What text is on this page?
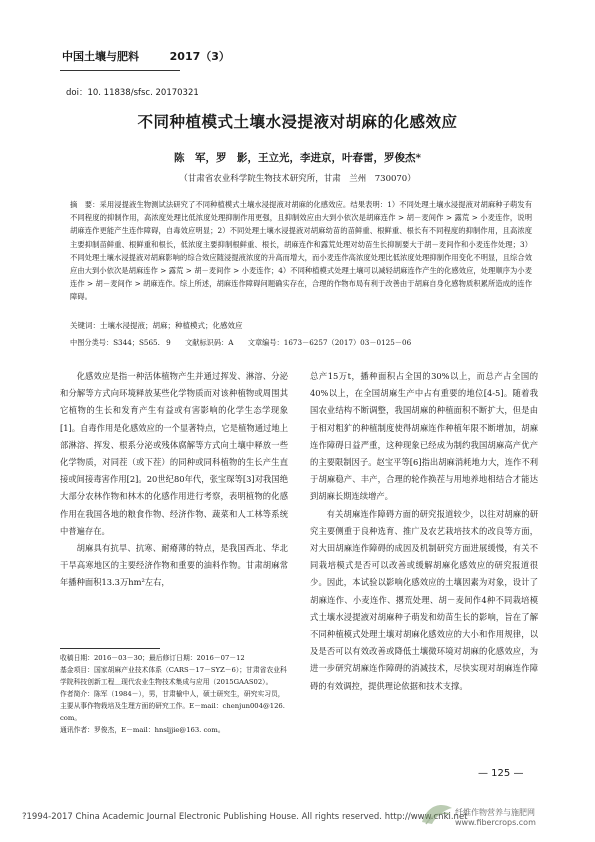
中国土壤与肥料	2017（3）
doi：10. 11838/sfsc. 20170321
不同种植模式土壤水浸提液对胡麻的化感效应
陈　军，罗　影，王立光，李进京，叶春雷，罗俊杰*
（甘肃省农业科学院生物技术研究所，甘肃　兰州　730070）
摘　要：采用浸提液生物测试法研究了不同种植模式土壤水浸提液对胡麻的化感效应。结果表明：1）不同处理土壤水浸提液对胡麻种子萌发有不同程度的抑制作用，高浓度处理比低浓度处理抑制作用更强，且抑制效应由大到小依次是胡麻连作 > 胡－麦间作 > 露荒 > 小麦连作，说明胡麻连作更能产生连作障碍，自毒效应明显；2）不同处理土壤水浸提液对胡麻幼苗的苗鲜重、根鲜重、根长有不同程度的抑制作用，且高浓度主要抑制苗鲜重、根鲜重和根长，低浓度主要抑制根鲜重、根长，胡麻连作和露荒处理对幼苗生长抑制要大于胡－麦间作和小麦连作处理；3）不同处理土壤水浸提液对胡麻影响的综合效应随浸提液浓度的升高而增大，而小麦连作高浓度处理比低浓度处理抑制作用变化不明显，且综合效应由大到小依次是胡麻连作 > 露荒 > 胡－麦间作 > 小麦连作；4）不同种植模式处理土壤可以减轻胡麻连作产生的化感效应，处理顺序为小麦连作 > 胡－麦间作 > 胡麻连作。综上所述，胡麻连作障碍问题确实存在，合理的作物布局有利于改善由于胡麻自身化感物质积累所造成的连作障碍。
关键词：土壤水浸提液；胡麻；种植模式；化感效应
中图分类号：S344；S565. 9　　文献标识码：A　　文章编号：1673－6257（2017）03－0125－06

化感效应是指一种活体植物产生并通过挥发、淋溶、分泌和分解等方式向环境释放某些化学物质而对该种植物或周围其它植物的生长和发育产生有益或有害影响的化学生态学现象[1]。自毒作用是化感效应的一个显著特点，它是植物通过地上部淋溶、挥发、根系分泌或残体腐解等方式向土壤中释放一些化学物质，对同茬（或下茬）的同种或同科植物的生长产生直接或间接毒害作用[2]。20世纪80年代，张宝琛等[3]对我国绝大部分农林作物和林木的化感作用进行考察，表明植物的化感作用在我国各地的粮食作物、经济作物、蔬菜和人工林等系统中普遍存在。

胡麻具有抗旱、抗寒、耐瘠薄的特点，是我国西北、华北干旱高寒地区的主要经济作物和重要的油料作物。甘肃胡麻常年播种面积13.3万hm²左右，

总产15万t，播种面积占全国的30%以上，而总产占全国的40%以上，在全国胡麻生产中占有重要的地位[4-5]。随着我国农业结构不断调整，我国胡麻的种植面积不断扩大，但是由于相对粗犷的种植制度使得胡麻连作种植年限不断增加，胡麻连作障碍日益严重，这种现象已经成为制约我国胡麻高产优产的主要限制因子。赵宝平等[6]指出胡麻消耗地力大，连作不利于胡麻稳产、丰产，合理的轮作换茬与用地养地相结合才能达到胡麻长期连续增产。

有关胡麻连作障碍方面的研究报道较少，以往对胡麻的研究主要侧重于良种选育、推广及农艺栽培技术的改良等方面，对大田胡麻连作障碍的成因及机制研究方面进展缓慢，有关不同栽培模式是否可以改善或缓解胡麻化感效应的研究报道很少。因此，本试验以影响化感效应的土壤因素为对象，设计了胡麻连作、小麦连作、撂荒处理、胡－麦间作4种不同栽培模式土壤水浸提液对胡麻种子萌发和幼苗生长的影响，旨在了解不同种植模式处理土壤对胡麻化感效应的大小和作用规律，以及是否可以有效改善或降低土壤微环境对胡麻的化感效应，为进一步研究胡麻连作障碍的消减技术，尽快实现对胡麻连作障碍的有效调控，提供理论依据和技术支撑。

收稿日期：2016－03－30；最后修订日期：2016－07－12
基金项目：国家胡麻产业技术体系（CARS－17－SYZ－6）；甘肃省农业科学院科技创新工程＿现代农业生物技术集成与应用（2015GAAS02）。
作者简介：陈军（1984－），男，甘肃榆中人，硕士研究生，研究实习员，主要从事作物栽培及生理方面的研究工作。E－mail：chenjun004@126. com。
通讯作者：罗俊杰，E－mail：hnsljjie@163. com。
— 125 —
?1994-2017 China Academic Journal Electronic Publishing House. All rights reserved. http://www.cnki.net
纤维作物营养与施肥网
www.fibercrops.com
